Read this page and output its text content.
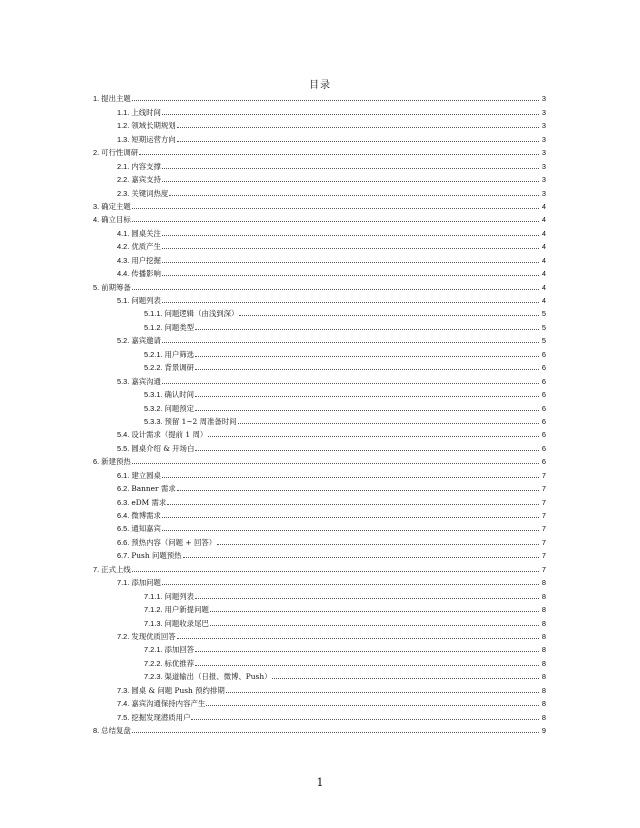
目录
1. 提出主题	3
1.1. 上线时间	3
1.2. 领域长期规划	3
1.3. 短期运营方向	3
2. 可行性调研	3
2.1. 内容支撑	3
2.2. 嘉宾支持	3
2.3. 关键词热度	3
3. 确定主题	4
4. 确立目标	4
4.1. 圆桌关注	4
4.2. 优质产生	4
4.3. 用户挖掘	4
4.4. 传播影响	4
5. 前期筹备	4
5.1. 问题列表	4
5.1.1. 问题逻辑（由浅到深）	5
5.1.2. 问题类型	5
5.2. 嘉宾邀请	5
5.2.1. 用户筛选	6
5.2.2. 背景调研	6
5.3. 嘉宾沟通	6
5.3.1. 确认时间	6
5.3.2. 问题预定	6
5.3.3. 预留 1~2 周准备时间	6
5.4. 设计需求（提前 1 周）	6
5.5. 圆桌介绍 & 开场白	6
6. 新建预热	6
6.1. 建立圆桌	7
6.2. Banner 需求	7
6.3. eDM 需求	7
6.4. 微博需求	7
6.5. 通知嘉宾	7
6.6. 预热内容（问题 + 回答）	7
6.7. Push 问题预热	7
7. 正式上线	7
7.1. 添加问题	8
7.1.1. 问题列表	8
7.1.2. 用户新提问题	8
7.1.3. 问题收录尾巴	8
7.2. 发现优质回答	8
7.2.1. 添加回答	8
7.2.2. 标优推荐	8
7.2.3. 渠道输出（日报、微博、Push）	8
7.3. 圆桌 & 问题 Push 预约排期	8
7.4. 嘉宾沟通保持内容产生	8
7.5. 挖掘发现潜质用户	8
8. 总结复盘	9
1
